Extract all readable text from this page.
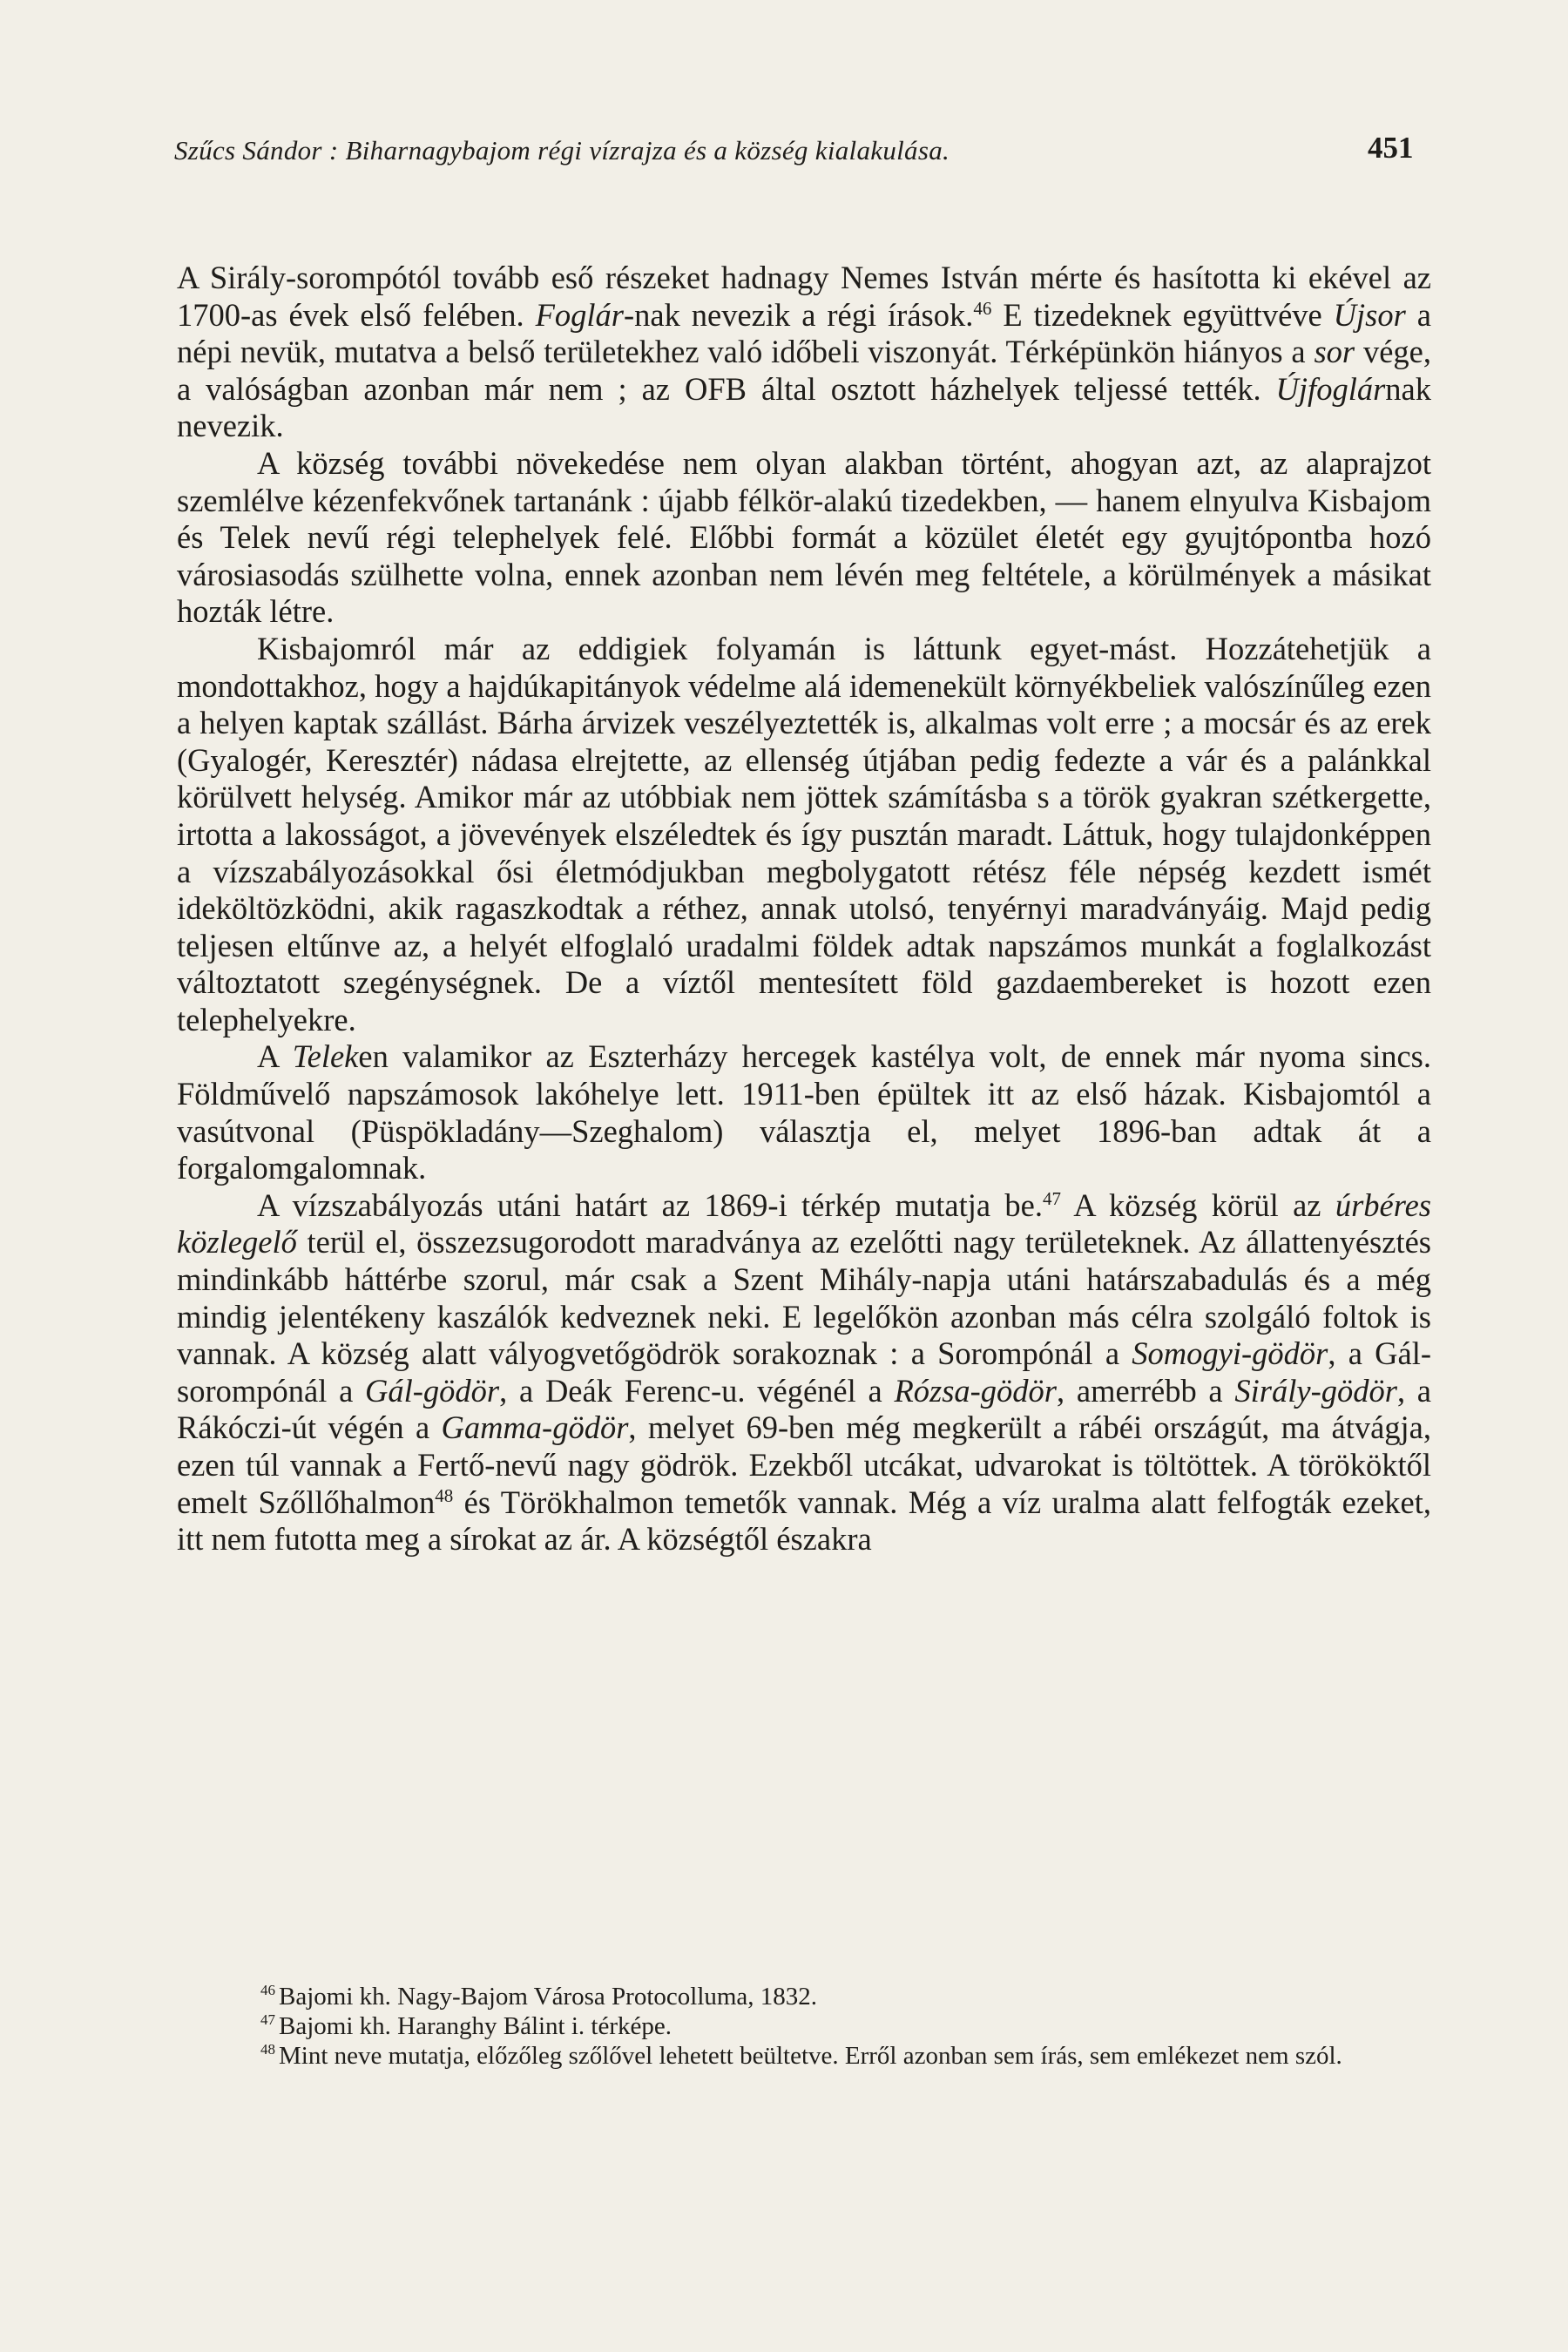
Szűcs Sándor : Biharnagybajom régi vízrajza és a község kialakulása.	451

A Sirály-sorompótól tovább eső részeket hadnagy Nemes István mérte és hasította ki ekével az 1700-as évek első felében. Foglár-nak nevezik a régi írások.$^{46}$ E tizedeknek együttvéve Újsor a népi nevük, mutatva a belső területekhez való időbeli viszonyát. Térképünkön hiányos a sor vége, a valóságban azonban már nem ; az OFB által osztott házhelyek teljessé tették. Újfoglárnak nevezik.

A község további növekedése nem olyan alakban történt, ahogyan azt, az alaprajzot szemlélve kézenfekvőnek tartanánk : újabb félkör-alakú tizedekben, — hanem elnyulva Kisbajom és Telek nevű régi telephelyek felé. Előbbi formát a közület életét egy gyujtópontba hozó városiasodás szülhette volna, ennek azonban nem lévén meg feltétele, a körülmények a másikat hozták létre.

Kisbajomról már az eddigiek folyamán is láttunk egyet-mást. Hozzátehetjük a mondottakhoz, hogy a hajdúkapitányok védelme alá idemenekült környékbeliek valószínűleg ezen a helyen kaptak szállást. Bárha árvizek veszélyeztették is, alkalmas volt erre ; a mocsár és az erek (Gyalogér, Keresztér) nádasa elrejtette, az ellenség útjában pedig fedezte a vár és a palánkkal körülvett helység. Amikor már az utóbbiak nem jöttek számításba s a török gyakran szétkergette, irtotta a lakosságot, a jövevények elszéledtek és így pusztán maradt. Láttuk, hogy tulajdonképpen a vízszabályozásokkal ősi életmódjukban megbolygatott rétész féle népség kezdett ismét ideköltözködni, akik ragaszkodtak a réthez, annak utolsó, tenyérnyi maradványáig. Majd pedig teljesen eltűnve az, a helyét elfoglaló uradalmi földek adtak napszámos munkát a foglalkozást változtatott szegénységnek. De a víztől mentesített föld gazdaembereket is hozott ezen telephelyekre.

A Teleken valamikor az Eszterházy hercegek kastélya volt, de ennek már nyoma sincs. Földművelő napszámosok lakóhelye lett. 1911-ben épültek itt az első házak. Kisbajomtól a vasútvonal (Püspökladány—Szeghalom) választja el, melyet 1896-ban adtak át a forgalomgalomnak.

A vízszabályozás utáni határt az 1869-i térkép mutatja be.$^{47}$ A község körül az úrbéres közlegelő terül el, összezsugorodott maradványa az ezelőtti nagy területeknek. Az állattenyésztés mindinkább háttérbe szorul, már csak a Szent Mihály-napja utáni határszabadulás és a még mindig jelentékeny kaszálók kedveznek neki. E legelőkön azonban más célra szolgáló foltok is vannak. A község alatt vályogvetőgödrök sorakoznak : a Sorompónál a Somogyi-gödör, a Gál-sorompónál a Gál-gödör, a Deák Ferenc-u. végénél a Rózsa-gödör, amerrébb a Sirály-gödör, a Rákóczi-út végén a Gamma-gödör, melyet 69-ben még megkerült a rábéi országút, ma átvágja, ezen túl vannak a Fertő-nevű nagy gödrök. Ezekből utcákat, udvarokat is töltöttek. A törököktől emelt Szőllőhalmon$^{48}$ és Törökhalmon temetők vannak. Még a víz uralma alatt felfogták ezeket, itt nem futotta meg a sírokat az ár. A községtől északra

$^{46}$ Bajomi kh. Nagy-Bajom Városa Protocolluma, 1832.

$^{47}$ Bajomi kh. Haranghy Bálint i. térképe.

$^{48}$ Mint neve mutatja, előzőleg szőlővel lehetett beültetve. Erről azonban sem írás, sem emlékezet nem szól.
